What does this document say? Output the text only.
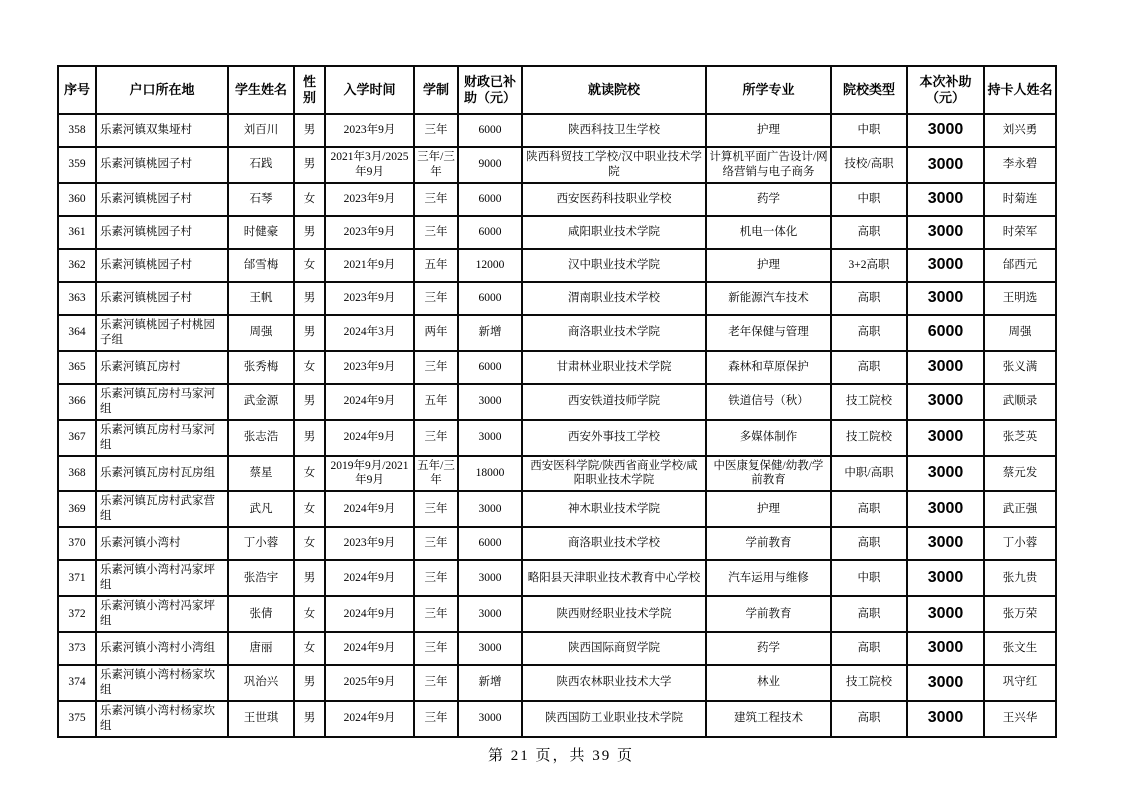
序号	户口所在地	学生姓名	性别	入学时间	学制	财政已补助（元）	就读院校	所学专业	院校类型	本次补助（元）	持卡人姓名
358	乐素河镇双集垭村	刘百川	男	2023年9月	三年	6000	陕西科技卫生学校	护理	中职	3000	刘兴勇
359	乐素河镇桃园子村	石践	男	2021年3月/2025年9月	三年/三年	9000	陕西科贸技工学校/汉中职业技术学院	计算机平面广告设计/网络营销与电子商务	技校/高职	3000	李永碧
360	乐素河镇桃园子村	石琴	女	2023年9月	三年	6000	西安医药科技职业学校	药学	中职	3000	时菊连
361	乐素河镇桃园子村	时健豪	男	2023年9月	三年	6000	咸阳职业技术学院	机电一体化	高职	3000	时荣军
362	乐素河镇桃园子村	邰雪梅	女	2021年9月	五年	12000	汉中职业技术学院	护理	3+2高职	3000	邰西元
363	乐素河镇桃园子村	王帆	男	2023年9月	三年	6000	渭南职业技术学校	新能源汽车技术	高职	3000	王明选
364	乐素河镇桃园子村桃园子组	周强	男	2024年3月	两年	新增	商洛职业技术学院	老年保健与管理	高职	6000	周强
365	乐素河镇瓦房村	张秀梅	女	2023年9月	三年	6000	甘肃林业职业技术学院	森林和草原保护	高职	3000	张义满
366	乐素河镇瓦房村马家河组	武金源	男	2024年9月	五年	3000	西安铁道技师学院	铁道信号（秋）	技工院校	3000	武顺录
367	乐素河镇瓦房村马家河组	张志浩	男	2024年9月	三年	3000	西安外事技工学校	多媒体制作	技工院校	3000	张芝英
368	乐素河镇瓦房村瓦房组	蔡星	女	2019年9月/2021年9月	五年/三年	18000	西安医科学院/陕西省商业学校/咸阳职业技术学院	中医康复保健/幼教/学前教育	中职/高职	3000	蔡元发
369	乐素河镇瓦房村武家营组	武凡	女	2024年9月	三年	3000	神木职业技术学院	护理	高职	3000	武正强
370	乐素河镇小湾村	丁小蓉	女	2023年9月	三年	6000	商洛职业技术学校	学前教育	高职	3000	丁小蓉
371	乐素河镇小湾村冯家坪组	张浩宇	男	2024年9月	三年	3000	略阳县天津职业技术教育中心学校	汽车运用与维修	中职	3000	张九贵
372	乐素河镇小湾村冯家坪组	张倩	女	2024年9月	三年	3000	陕西财经职业技术学院	学前教育	高职	3000	张万荣
373	乐素河镇小湾村小湾组	唐丽	女	2024年9月	三年	3000	陕西国际商贸学院	药学	高职	3000	张文生
374	乐素河镇小湾村杨家坎组	巩治兴	男	2025年9月	三年	新增	陕西农林职业技术大学	林业	技工院校	3000	巩守红
375	乐素河镇小湾村杨家坎组	王世琪	男	2024年9月	三年	3000	陕西国防工业职业技术学院	建筑工程技术	高职	3000	王兴华
第 21 页，共 39 页
